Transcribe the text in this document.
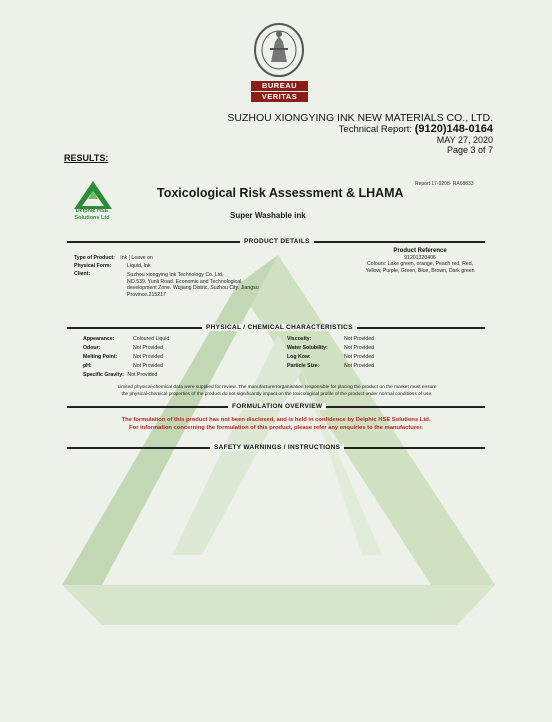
BUREAU
VERITAS
SUZHOU XIONGYING INK NEW MATERIALS CO., LTD.
Technical Report: (9120)148-0164
MAY 27, 2020
Page 3 of 7
RESULTS:
Delphic HSE
Solutions Ltd
Toxicological Risk Assessment & LHAMA
Report 17-9208- RA68833
Super Washable ink
PRODUCT DETAILS
Type of Product: Ink | Leave on
Physical Form:	Liquid, Ink
Client:	Suzhou xiongying Ink Technology Co.,Ltd.
NO.539. Yunli Road. Economic and Technological
development Zone. Wujiang Distric. Suzhou City. Jiangsu
Province.215217
Product Reference
91201320406
Colours: Lake green, orange, Peach red, Red,
Yellow, Purple, Green, Blue, Brown, Dark green
PHYSICAL / CHEMICAL CHARACTERISTICS
Appearance:
Odour:
Melting Point:
pH:
Specific Gravity: Not Provided
Coloured Liquid
Not Provided
Not Provided
Not Provided
Viscosity:
Water Solubility:
Log Kow:
Particle Size:
Not Provided
Not Provided
Not Provided
Not Provided
Limited physical-chemical data were supplied for review. The manufacturer/organisation responsible for placing the product on the market must ensure
the physical-chemical properties of the product do not significantly impact on the toxicological profile of the product under normal conditions of use.
FORMULATION OVERVIEW
The formulation of this product has not been disclosed, and is held in confidence by Delphic HSE Solutions Ltd.
For information concerning the formulation of this product, please refer any enquiries to the manufacturer.
SAFETY WARNINGS / INSTRUCTIONS
